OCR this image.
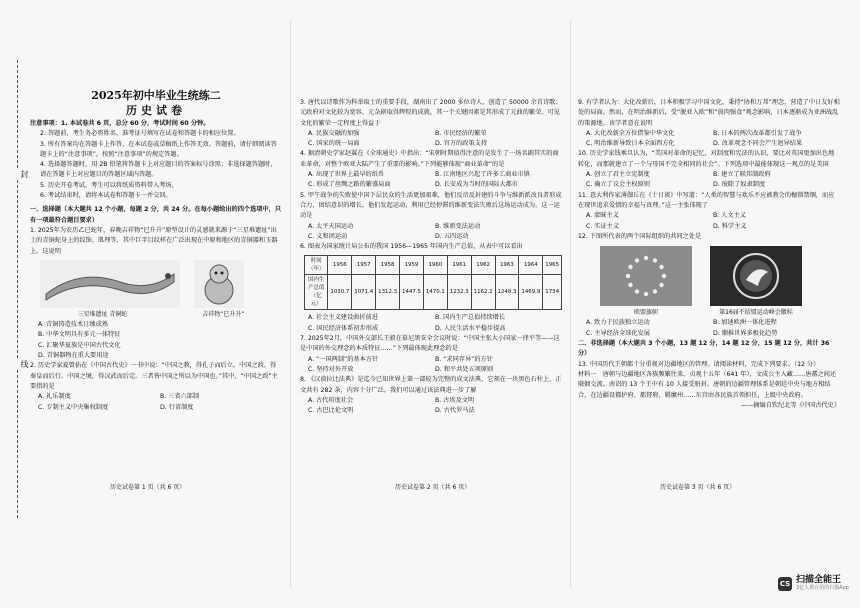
封
线

2025年初中毕业生统练二

历史试卷

注意事项：1. 本试卷共 6 页，总分 60 分，考试时间 60 分钟。

2. 答题前，考生务必将姓名、准考证号填写在试卷和答题卡的相应位置。

3. 所有答案均在答题卡上作答，在本试卷或草稿纸上作答无效。答题前，请仔细阅读答题卡上的“注意事项”，按照“注意事项”的规定答题。

4. 选择题答题时，用 2B 铅笔将答题卡上对应题目的答案标号涂黑；非选择题答题时，请在答题卡上对应题目的答题区域内答题。

5. 历史开卷考试，考生可以将纸质资料带入考场。

6. 考试结束时，请将本试卷和答题卡一并交回。

一、选择题（本大题共 12 个小题，每题 2 分，共 24 分。在每小题给出的四个选项中，只有一项最符合题目要求）

1. 2025年为农历乙巳蛇年，春晚吉祥物“巳升升”原型设计的灵感就来源于“三星堆遗址”出土的青铜蛇身上的纹饰、肌理等，其中巨字目纹样在广泛出现在中原和地区的青铜器和玉器上。这说明

三星堆遗址 青铜蛇	吉祥物“巳升升”

A. 青铜铸造技术日臻成熟

B. 中华文明具有多元一体特征

C. 汇聚华夏族是中国古代文化

D. 青铜器物在重大要用途

2. 历史学家夏曾佑在《中国古代史》一书中说：“中国之教，得孔子而后立。中国之政，得秦皇而后行。中国之境，得汉武而后定。三者皆中国之所以为中国也。”其中，“中国之政”主要指的是

A. 礼乐制度	B. 三省六部制
C. 专制主义中央集权制度	D. 行省制度
历史试卷第 1 页（共 6 页）

3. 唐代以诗歌作为科举取士的重要手段，湖南出了 2000 多位诗人，创造了 50000 余首诗歌；元政府对文化较为宽容，元杂剧取得辉煌的成就，其一个关键因素是其形成了元曲的繁荣。可见文化的繁荣一定程度上得益于

A. 民族交融的加强	B. 市民经济的繁荣
C. 国家的统一局面	D. 官方的政策支持

4. 据清朝史学家赵翼在《全球通史》中指出：“宋朝时期值得注意的是发生了一场名副其实的商业革命，对整个欧亚大陆产生了重要的影响。”下列能够体现“商业革命”的是

A. 出现了世界上最早的纸币	B. 江南地区兴起了许多工商业市镇
C. 形成了丝绸之路的繁盛局面	D. 长安成为当时的国际大都市

5. 甲午战争的失败使中国下层民众的生活更加艰难，他们反帝反封建的斗争与维新派改良者形成合力，团结意识的增长。他们发起运动，利用已经停滞的维新变法失败后这场运动成为。这一运动是

A. 太平天国运动	B. 维新变法运动
C. 义和团运动	D. 五四运动

6. 图表为国家统计局公布的我国 1956—1965 年国内生产总值，从表中可以看出

时间（年）	1956	1957	1958	1959	1960	1961	1962	1963	1964	1965
国内生产总值（亿元）	1030.7	1071.4	1312.3	1447.5	1470.1	1232.3	1162.2	1248.3	1469.9	1734
A. 社会主义建设曲折前进	B. 国内生产总值持续增长
C. 国民经济体系初步形成	D. 人民生活水平稳步提高

7. 2025年2月，中国外交部长王毅在慕尼黑安全会议时说：“中国主张大小国家一律平等——这是中国的外交理念的本质特征……”下列最体现此理念的是

A. “一国两制”的基本方针	B. “求同存异”的方针
C. 坚持对外开放	D. 和平共处五项原则

8. 《汉谟拉比法典》是迄今已知世界上第一部较为完整的成文法典，它刻在一块黑色石柱上，正文共有 282 条，内容十分广泛。我们可以通过该法典进一步了解

A. 古代印度社会	B. 古埃及文明
C. 古巴比伦文明	D. 古代罗马法
历史试卷第 2 页（共 6 页）

9. 有学者认为：大化改新后，日本积极学习中国文化，秉持“协和万邦”理念，营造了中日友好相处的局面。然而，在明治维新后，受“脱亚入欧”和“弱肉强食”观念影响，日本逐渐成为亚洲战乱的策源地。该学者意在说明

A. 大化改新全方位借鉴中华文化	B. 日本的两次改革都引发了战争
C. 明治维新导致日本全面西方化	D. 改革观念不同会产生迥异结果

10. 历史学家钱乘旦认为，“美国对革命的记忆，对制度和宪法的认识，要比对英国更加出色地转化，而那就建立了一个与母国不完全相同的社会”。下列选项中最能体现这一观点的是美国

A. 创立了君主立宪制度	B. 建立了联邦制政府
C. 确立了议会主权原则	D. 废除了奴隶制度

11. 意大利作家薄伽丘在《十日谈》中写道：“人类的智慧与欢乐不应被教会的枷锁禁锢，而应在现世追求爱情的幸福与真理。”这一主张体现了

A. 蒙昧主义	B. 人文主义
C. 实证主义	D. 科学主义

12. 下图所代表的两个国际组织的共同之处是

欧盟旗帜	第16届不结盟运动峰会徽标
A. 致力于民族独立运动	B. 加速欧洲一体化进程
C. 主导经济全球化发展	D. 顺推世界多极化趋势

二、非选择题（本大题共 3 个小题，13 题 12 分，14 题 12 分，15 题 12 分，共计 36 分）

13. 中国历代王朝都十分重视对边疆地区的管理。请阅读材料，完成下列要求。（12 分）

材料一　唐朝与边疆地区各族频繁往来，贞观十五年（641 年），文成公主入藏……唐蕃之间还联姻交流。南诏的 13 个王中有 10 人接受册封。唐朝的边疆管理体系是朝廷中央与地方相结合，在边疆设都护府、都督府、羁縻州……东宫由各民族首领担任，上级中央政府。

——摘编自钦纪北等《中国古代史》

历史试卷第 3 页（共 6 页）
CS 扫描全能王
3亿人都在用的扫描App
